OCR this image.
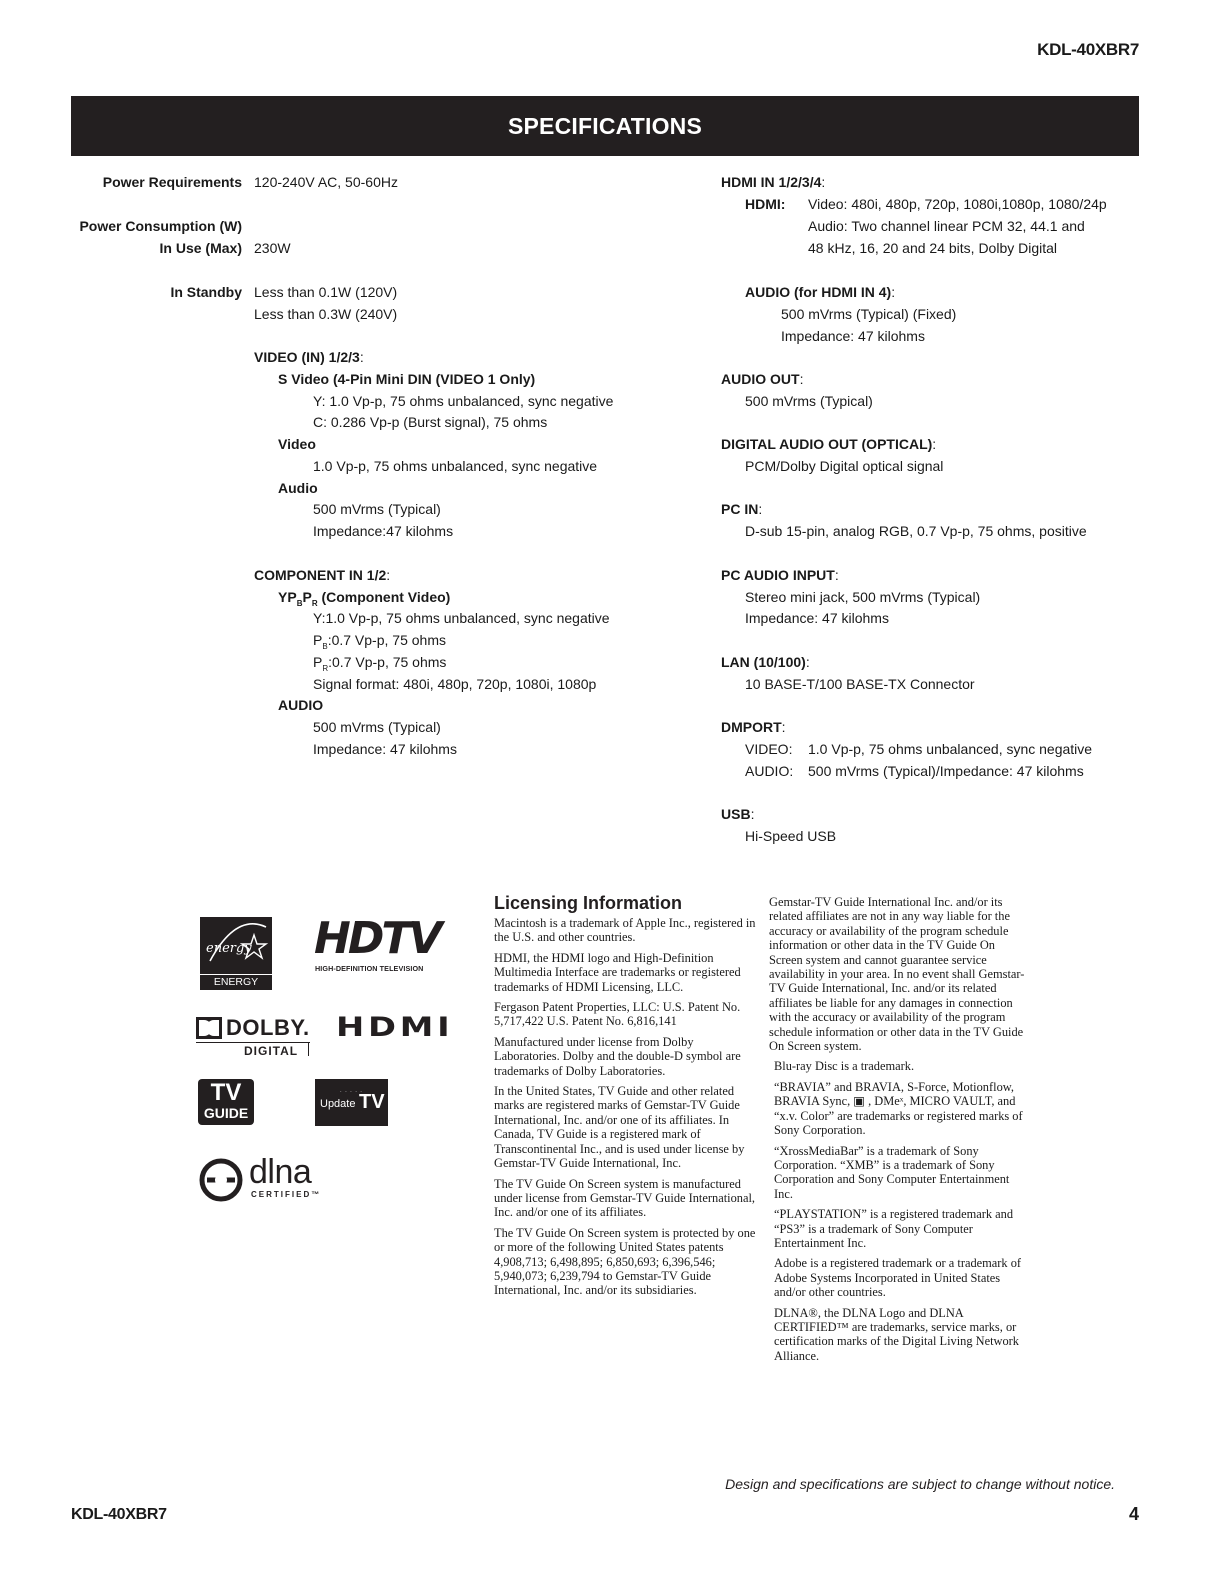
KDL-40XBR7
SPECIFICATIONS
Power Requirements 120-240V AC, 50-60Hz
Power Consumption (W)
In Use (Max) 230W
In Standby Less than 0.1W (120V)
Less than 0.3W (240V)
VIDEO (IN) 1/2/3:
S Video (4-Pin Mini DIN (VIDEO 1 Only)
Y: 1.0 Vp-p, 75 ohms unbalanced, sync negative
C: 0.286 Vp-p (Burst signal), 75 ohms
Video
1.0 Vp-p, 75 ohms unbalanced, sync negative
Audio
500 mVrms (Typical)
Impedance:47 kilohms
COMPONENT IN 1/2:
$YP_BP_R$ (Component Video)
Y:1.0 Vp-p, 75 ohms unbalanced, sync negative
$P_B:0.7$ Vp-p, 75 ohms
$P_R:0.7$ Vp-p, 75 ohms
Signal format: 480i, 480p, 720p, 1080i, 1080p
AUDIO
500 mVrms (Typical)
Impedance: 47 kilohms
HDMI IN 1/2/3/4:
HDMI: Video: 480i, 480p, 720p, 1080i,1080p, 1080/24p
Audio: Two channel linear PCM 32, 44.1 and
48 kHz, 16, 20 and 24 bits, Dolby Digital
AUDIO (for HDMI IN 4):
500 mVrms (Typical) (Fixed)
Impedance: 47 kilohms
AUDIO OUT:
500 mVrms (Typical)
DIGITAL AUDIO OUT (OPTICAL):
PCM/Dolby Digital optical signal
PC IN:
D-sub 15-pin, analog RGB, 0.7 Vp-p, 75 ohms, positive
PC AUDIO INPUT:
Stereo mini jack, 500 mVrms (Typical)
Impedance: 47 kilohms
LAN (10/100):
10 BASE-T/100 BASE-TX Connector
DMPORT:
VIDEO: 1.0 Vp-p, 75 ohms unbalanced, sync negative
AUDIO: 500 mVrms (Typical)/Impedance: 47 kilohms
USB:
Hi-Speed USB
energy
ENERGY STAR
HDTV
HIGH-DEFINITION TELEVISION
DOLBY.
DIGITAL
HDMI
TV
GUIDE
· · · · ·
Update TV
dlna
CERTIFIED™
Licensing Information

Macintosh is a trademark of Apple Inc., registered in the U.S. and other countries.

HDMI, the HDMI logo and High-Definition Multimedia Interface are trademarks or registered trademarks of HDMI Licensing, LLC.

Fergason Patent Properties, LLC: U.S. Patent No. 5,717,422 U.S. Patent No. 6,816,141

Manufactured under license from Dolby Laboratories. Dolby and the double-D symbol are trademarks of Dolby Laboratories.

In the United States, TV Guide and other related marks are registered marks of Gemstar-TV Guide International, Inc. and/or one of its affiliates. In Canada, TV Guide is a registered mark of Transcontinental Inc., and is used under license by Gemstar-TV Guide International, Inc.

The TV Guide On Screen system is manufactured under license from Gemstar-TV Guide International, Inc. and/or one of its affiliates.

The TV Guide On Screen system is protected by one or more of the following United States patents 4,908,713; 6,498,895; 6,850,693; 6,396,546; 5,940,073; 6,239,794 to Gemstar-TV Guide International, Inc. and/or its subsidiaries.

Gemstar-TV Guide International Inc. and/or its related affiliates are not in any way liable for the accuracy or availability of the program schedule information or other data in the TV Guide On Screen system and cannot guarantee service availability in your area. In no event shall Gemstar-TV Guide International, Inc. and/or its related affiliates be liable for any damages in connection with the accuracy or availability of the program schedule information or other data in the TV Guide On Screen system.

Blu-ray Disc is a trademark.

“BRAVIA” and BRAVIA, S-Force, Motionflow, BRAVIA Sync, ▣ , DMeˣ, MICRO VAULT, and “x.v. Color” are trademarks or registered marks of Sony Corporation.

“XrossMediaBar” is a trademark of Sony Corporation. “XMB” is a trademark of Sony Corporation and Sony Computer Entertainment Inc.

“PLAYSTATION” is a registered trademark and “PS3” is a trademark of Sony Computer Entertainment Inc.

Adobe is a registered trademark or a trademark of Adobe Systems Incorporated in United States and/or other countries.

DLNA®, the DLNA Logo and DLNA CERTIFIED™ are trademarks, service marks, or certification marks of the Digital Living Network Alliance.

Design and specifications are subject to change without notice.
KDL-40XBR7	4
